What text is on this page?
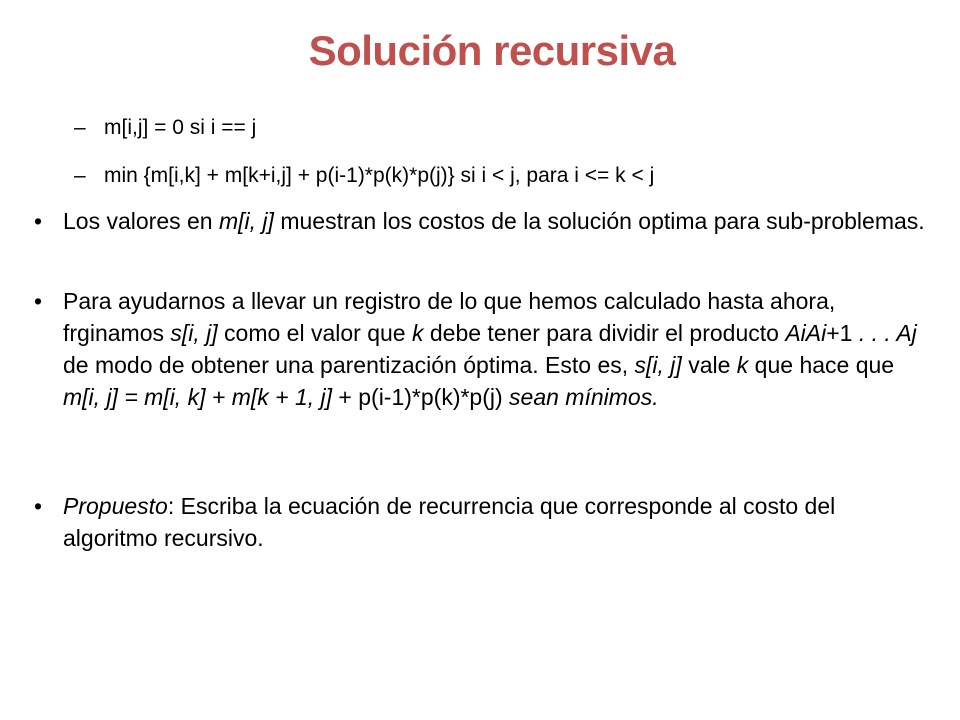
Solución recursiva
– m[i,j] = 0 si i == j
– min {m[i,k] + m[k+i,j] + p(i-1)*p(k)*p(j)} si i < j, para i <= k < j
• Los valores en m[i, j] muestran los costos de la solución optima para sub-problemas.
• Para ayudarnos a llevar un registro de lo que hemos calculado hasta ahora, frginamos s[i, j] como el valor que k debe tener para dividir el producto AiAi+1 . . . Aj de modo de obtener una parentización óptima. Esto es, s[i, j] vale k que hace que m[i, j] = m[i, k] + m[k + 1, j] + p(i-1)*p(k)*p(j) sean mínimos.
• Propuesto: Escriba la ecuación de recurrencia que corresponde al costo del algoritmo recursivo.
